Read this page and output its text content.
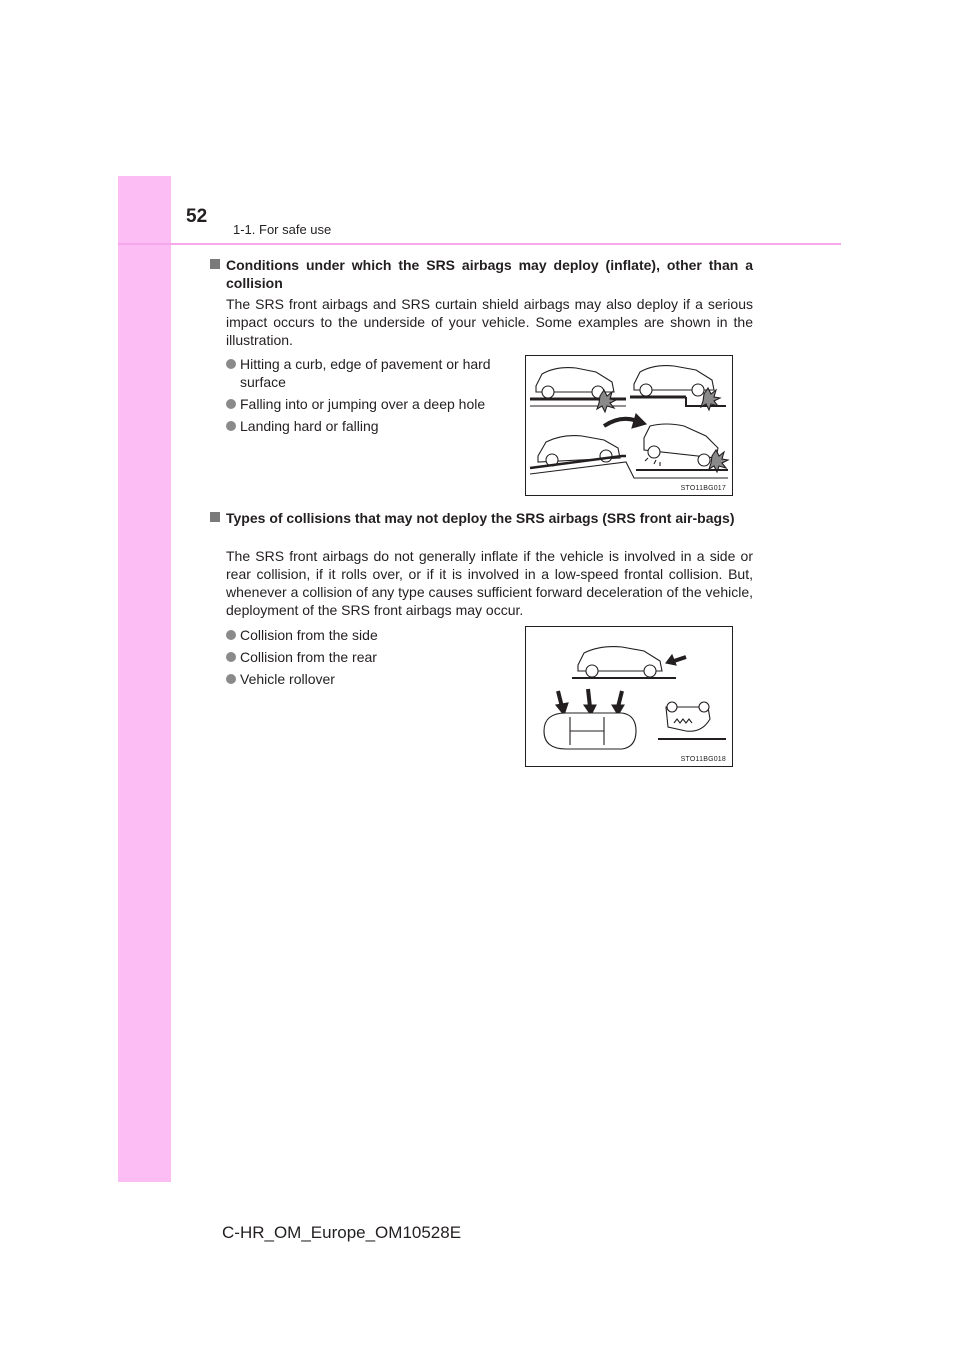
52
1-1. For safe use
Conditions under which the SRS airbags may deploy (inflate), other than a collision
The SRS front airbags and SRS curtain shield airbags may also deploy if a serious impact occurs to the underside of your vehicle. Some examples are shown in the illustration.
Hitting a curb, edge of pavement or hard surface
Falling into or jumping over a deep hole
Landing hard or falling
STO11BG017
Types of collisions that may not deploy the SRS airbags (SRS front air-bags)
The SRS front airbags do not generally inflate if the vehicle is involved in a side or rear collision, if it rolls over, or if it is involved in a low-speed frontal collision. But, whenever a collision of any type causes sufficient forward deceleration of the vehicle, deployment of the SRS front airbags may occur.
Collision from the side
Collision from the rear
Vehicle rollover
STO11BG018
C-HR_OM_Europe_OM10528E
